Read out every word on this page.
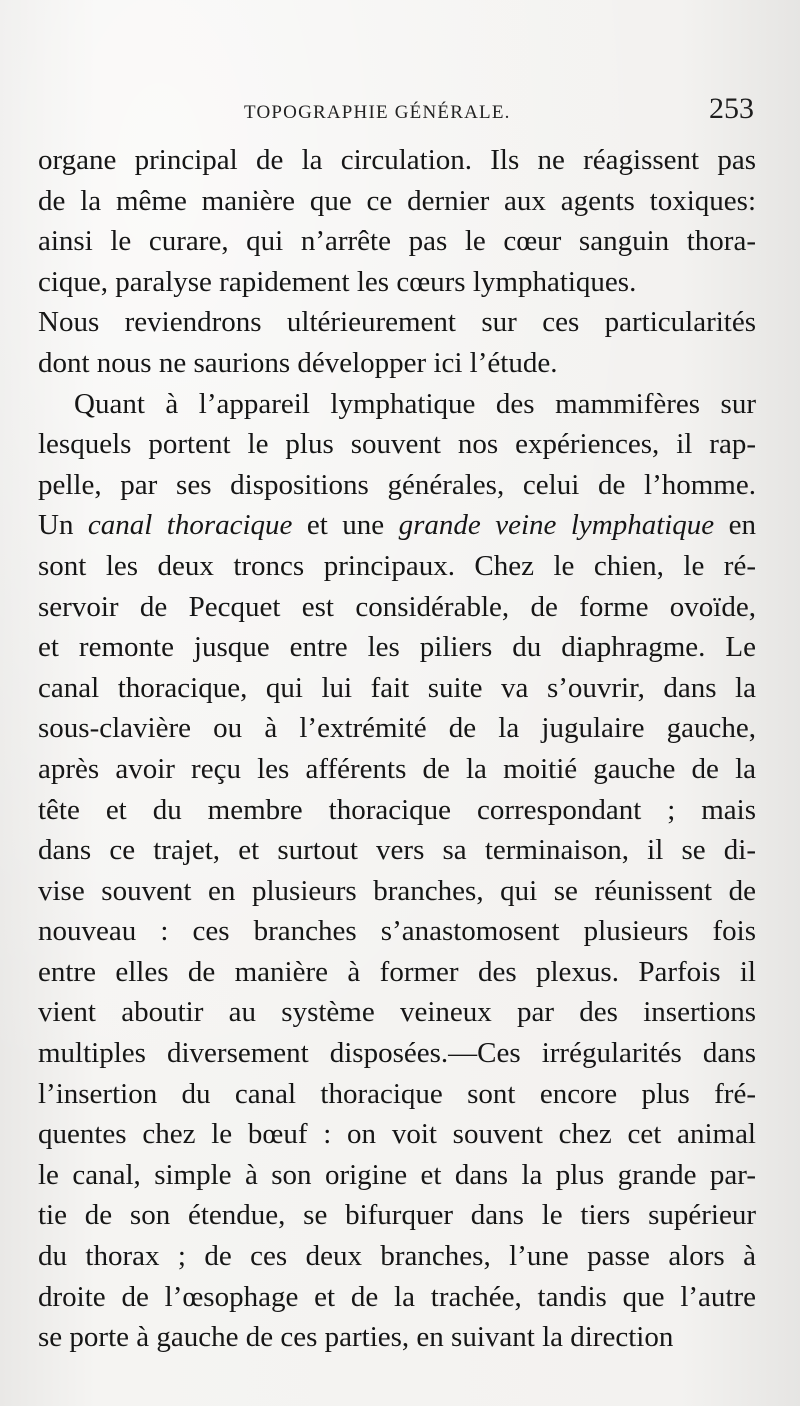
TOPOGRAPHIE GÉNÉRALE.	253
organe principal de la circulation. Ils ne réagissent pas
de la même manière que ce dernier aux agents toxiques:
ainsi le curare, qui n’arrête pas le cœur sanguin thora-
cique, paralyse rapidement les cœurs lymphatiques.
Nous reviendrons ultérieurement sur ces particularités
dont nous ne saurions développer ici l’étude.
Quant à l’appareil lymphatique des mammifères sur
lesquels portent le plus souvent nos expériences, il rap-
pelle, par ses dispositions générales, celui de l’homme.
Un canal thoracique et une grande veine lymphatique en
sont les deux troncs principaux. Chez le chien, le ré-
servoir de Pecquet est considérable, de forme ovoïde,
et remonte jusque entre les piliers du diaphragme. Le
canal thoracique, qui lui fait suite va s’ouvrir, dans la
sous-clavière ou à l’extrémité de la jugulaire gauche,
après avoir reçu les afférents de la moitié gauche de la
tête et du membre thoracique correspondant ; mais
dans ce trajet, et surtout vers sa terminaison, il se di-
vise souvent en plusieurs branches, qui se réunissent de
nouveau : ces branches s’anastomosent plusieurs fois
entre elles de manière à former des plexus. Parfois il
vient aboutir au système veineux par des insertions
multiples diversement disposées.—Ces irrégularités dans
l’insertion du canal thoracique sont encore plus fré-
quentes chez le bœuf : on voit souvent chez cet animal
le canal, simple à son origine et dans la plus grande par-
tie de son étendue, se bifurquer dans le tiers supérieur
du thorax ; de ces deux branches, l’une passe alors à
droite de l’œsophage et de la trachée, tandis que l’autre
se porte à gauche de ces parties, en suivant la direction
